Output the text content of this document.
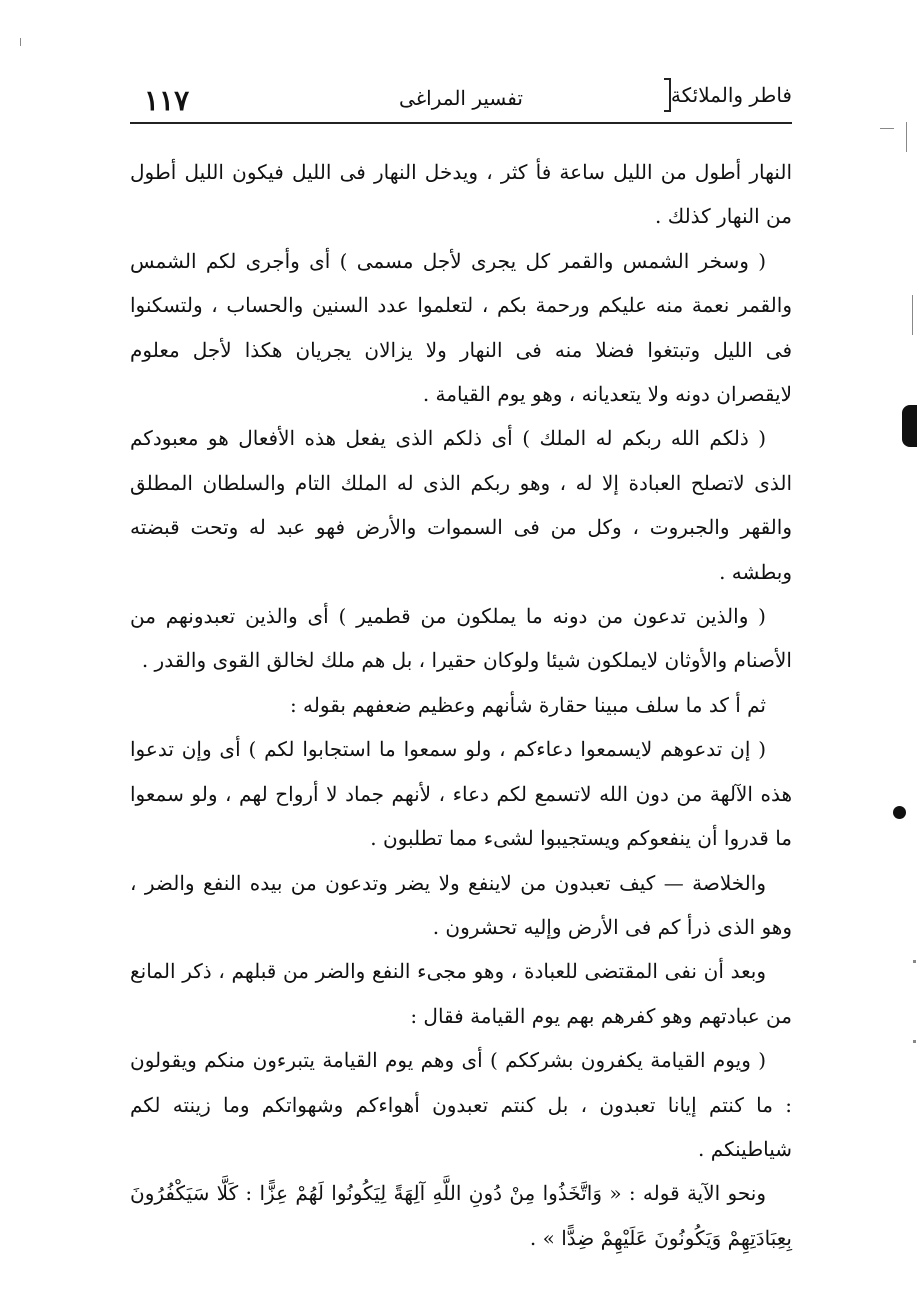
١١٧	تفسير المراغى	فاطر والملائكة

النهار أطول من الليل ساعة فأ كثر ، ويدخل النهار فى الليل فيكون الليل أطول من النهار كذلك .

( وسخر الشمس والقمر كل يجرى لأجل مسمى ) أى وأجرى لكم الشمس والقمر نعمة منه عليكم ورحمة بكم ، لتعلموا عدد السنين والحساب ، ولتسكنوا فى الليل وتبتغوا فضلا منه فى النهار ولا يزالان يجريان هكذا لأجل معلوم لايقصران دونه ولا يتعديانه ، وهو يوم القيامة .

( ذلكم الله ربكم له الملك ) أى ذلكم الذى يفعل هذه الأفعال هو معبودكم الذى لاتصلح العبادة إلا له ، وهو ربكم الذى له الملك التام والسلطان المطلق والقهر والجبروت ، وكل من فى السموات والأرض فهو عبد له وتحت قبضته وبطشه .

( والذين تدعون من دونه ما يملكون من قطمير ) أى والذين تعبدونهم من الأصنام والأوثان لايملكون شيئا ولوكان حقيرا ، بل هم ملك لخالق القوى والقدر .

ثم أ كد ما سلف مبينا حقارة شأنهم وعظيم ضعفهم بقوله :

( إن تدعوهم لايسمعوا دعاءكم ، ولو سمعوا ما استجابوا لكم ) أى وإن تدعوا هذه الآلهة من دون الله لاتسمع لكم دعاء ، لأنهم جماد لا أرواح لهم ، ولو سمعوا ما قدروا أن ينفعوكم ويستجيبوا لشىء مما تطلبون .

والخلاصة — كيف تعبدون من لاينفع ولا يضر وتدعون من بيده النفع والضر ، وهو الذى ذرأ كم فى الأرض وإليه تحشرون .

وبعد أن نفى المقتضى للعبادة ، وهو مجىء النفع والضر من قبلهم ، ذكر المانع من عبادتهم وهو كفرهم بهم يوم القيامة فقال :

( ويوم القيامة يكفرون بشرككم ) أى وهم يوم القيامة يتبرءون منكم ويقولون : ما كنتم إيانا تعبدون ، بل كنتم تعبدون أهواءكم وشهواتكم وما زينته لكم شياطينكم .

ونحو الآية قوله : « وَاتَّخَذُوا مِنْ دُونِ اللَّهِ آلِهَةً لِيَكُونُوا لَهُمْ عِزًّا : كَلَّا سَيَكْفُرُونَ بِعِبَادَتِهِمْ وَيَكُونُونَ عَلَيْهِمْ ضِدًّا » .
